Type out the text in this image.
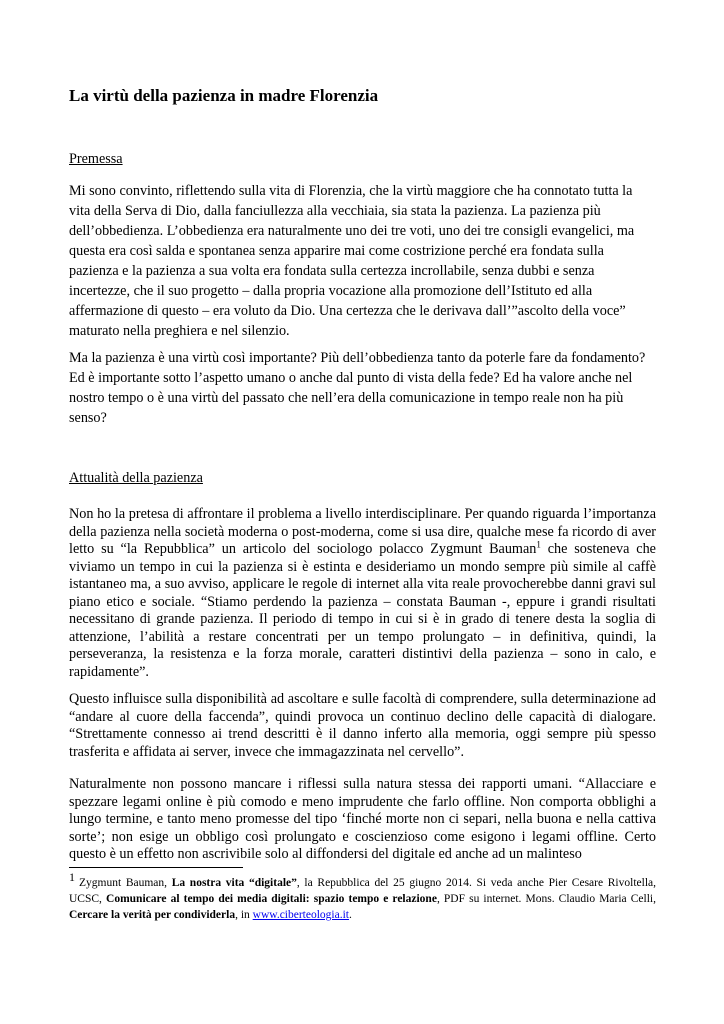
La virtù della pazienza in madre Florenzia
Premessa

Mi sono convinto, riflettendo sulla vita di Florenzia, che la virtù maggiore che ha connotato tutta la vita della Serva di Dio, dalla fanciullezza alla vecchiaia, sia stata la pazienza. La pazienza più dell’obbedienza. L’obbedienza era naturalmente uno dei tre voti, uno dei tre consigli evangelici, ma questa era così salda e spontanea senza apparire mai come costrizione perché era fondata sulla pazienza e la pazienza a sua volta era fondata sulla certezza incrollabile, senza dubbi e senza incertezze, che il suo progetto – dalla propria vocazione alla promozione dell’Istituto ed alla affermazione di questo – era voluto da Dio. Una certezza che le derivava dall’”ascolto della voce” maturato nella preghiera e nel silenzio.

Ma la pazienza è una virtù così importante? Più dell’obbedienza tanto da poterle fare da fondamento? Ed è importante sotto l’aspetto umano o anche dal punto di vista della fede? Ed ha valore anche nel nostro tempo o è una virtù del passato che nell’era della comunicazione in tempo reale non ha più senso?

Attualità della pazienza

Non ho la pretesa di affrontare il problema a livello interdisciplinare. Per quando riguarda l’importanza della pazienza nella società moderna o post-moderna, come si usa dire, qualche mese fa ricordo di aver letto su “la Repubblica” un articolo del sociologo polacco Zygmunt Bauman$^1$ che sosteneva che viviamo un tempo in cui la pazienza si è estinta e desideriamo un mondo sempre più simile al caffè istantaneo ma, a suo avviso, applicare le regole di internet alla vita reale provocherebbe danni gravi sul piano etico e sociale. “Stiamo perdendo la pazienza – constata Bauman -, eppure i grandi risultati necessitano di grande pazienza. Il periodo di tempo in cui si è in grado di tenere desta la soglia di attenzione, l’abilità a restare concentrati per un tempo prolungato – in definitiva, quindi, la perseveranza, la resistenza e la forza morale, caratteri distintivi della pazienza – sono in calo, e rapidamente”.

Questo influisce sulla disponibilità ad ascoltare e sulle facoltà di comprendere, sulla determinazione ad “andare al cuore della faccenda”, quindi provoca un continuo declino delle capacità di dialogare. “Strettamente connesso ai trend descritti è il danno inferto alla memoria, oggi sempre più spesso trasferita e affidata ai server, invece che immagazzinata nel cervello”.

Naturalmente non possono mancare i riflessi sulla natura stessa dei rapporti umani. “Allacciare e spezzare legami online è più comodo e meno imprudente che farlo offline. Non comporta obblighi a lungo termine, e tanto meno promesse del tipo ‘finché morte non ci separi, nella buona e nella cattiva sorte’; non esige un obbligo così prolungato e coscienzioso come esigono i legami offline. Certo questo è un effetto non ascrivibile solo al diffondersi del digitale ed anche ad un malinteso

1 Zygmunt Bauman, La nostra vita “digitale”, la Repubblica del 25 giugno 2014. Si veda anche Pier Cesare Rivoltella, UCSC, Comunicare al tempo dei media digitali: spazio tempo e relazione, PDF su internet. Mons. Claudio Maria Celli, Cercare la verità per condividerla, in www.ciberteologia.it.
